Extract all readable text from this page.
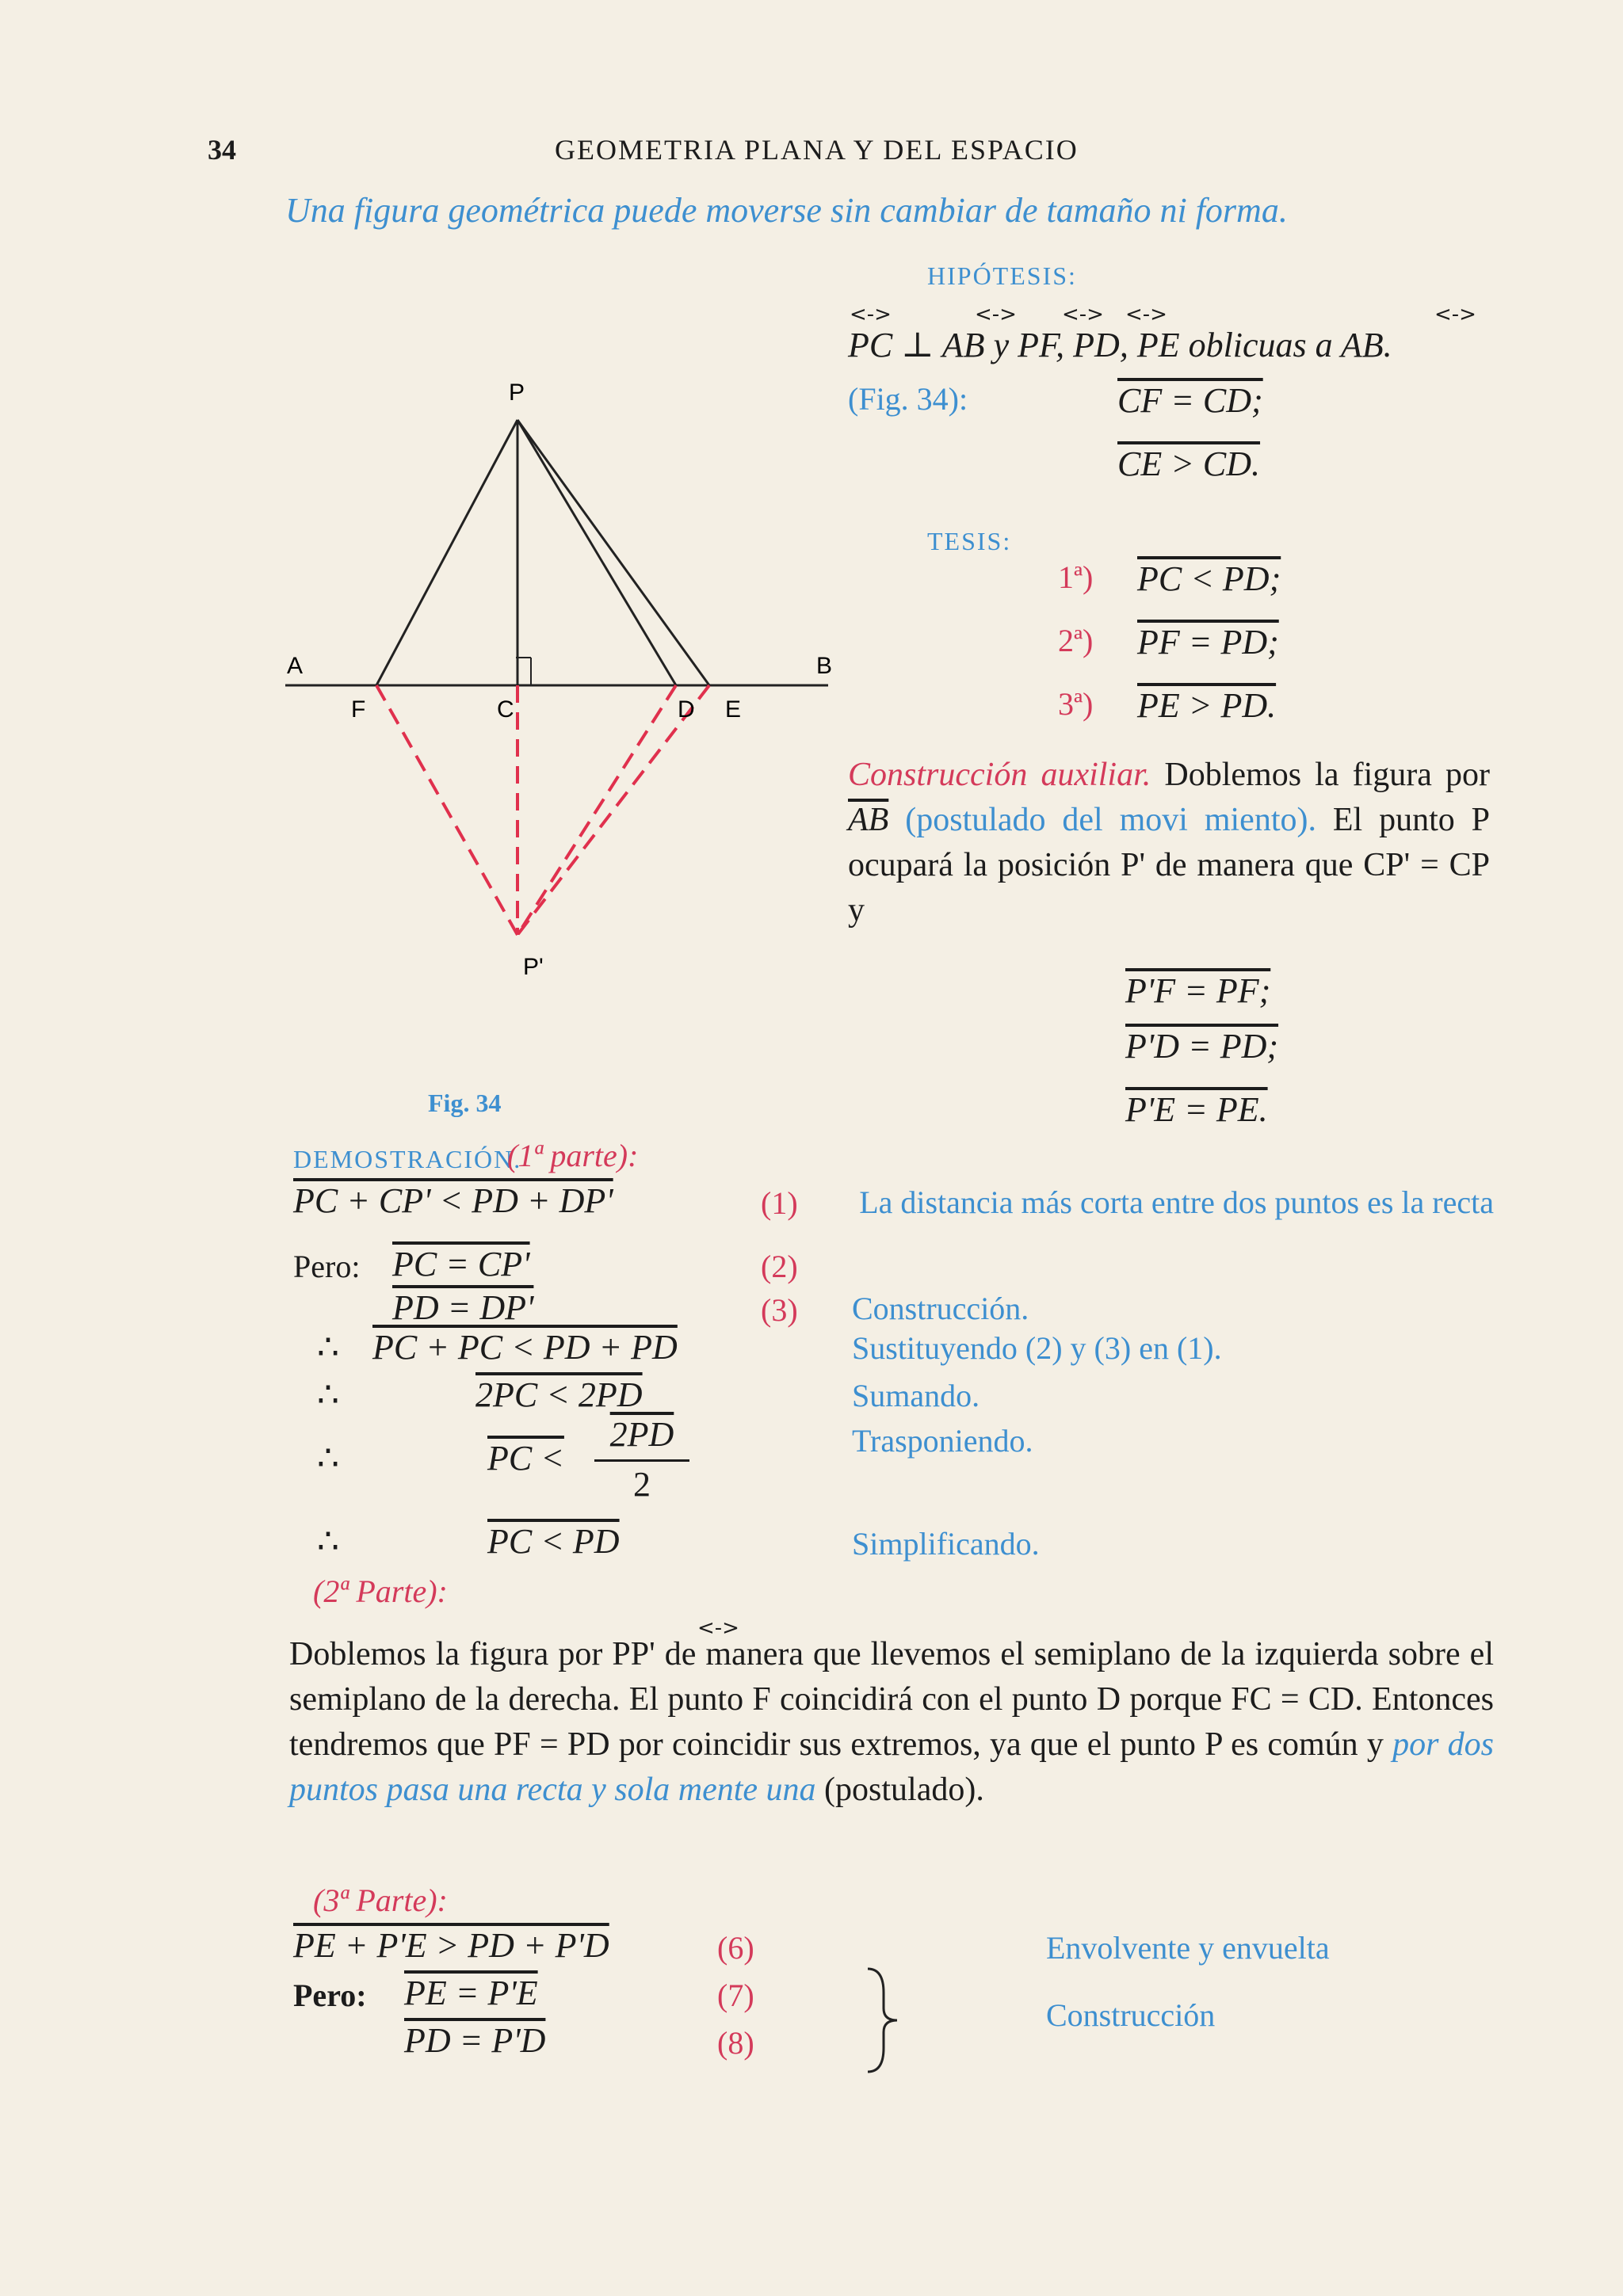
34	GEOMETRIA PLANA Y DEL ESPACIO
Una figura geométrica puede moverse sin cambiar de tamaño ni forma.
P
A	B
F	C	D E
P'
Fig. 34
HIPÓTESIS:
<->	<-> <-> <->	<->
PC ⊥ AB y PF, PD, PE oblicuas a AB.
(Fig. 34):	CF = CD;
CE > CD.
TESIS:
1ª) PC < PD;
2ª) PF = PD;
3ª) PE > PD.
Construcción auxiliar. Doblemos la figura por $\overline{AB}$ (postulado del movi miento). El punto P ocupará la posición P' de manera que CP' = CP y
P'F = PF;
P'D = PD;
P'E = PE.
DEMOSTRACIÓN.
(1ª parte):
PC + CP' < PD + DP'	(1) La distancia más corta entre dos puntos es la recta
Pero: PC = CP'	(2)
PD = DP'	(3) Construcción.
∴ PC + PC < PD + PD	Sustituyendo (2) y (3) en (1).
∴	2PC < 2PD	Sumando.
∴	PC <
2PD
2
Trasponiendo.
∴	PC < PD	Simplificando.
(2ª Parte):
<->
Doblemos la figura por PP' de manera que llevemos el semiplano de la izquierda sobre el semiplano de la derecha. El punto F coincidirá con el punto D porque FC = CD. Entonces tendremos que PF = PD por coincidir sus extremos, ya que el punto P es común y por dos puntos pasa una recta y sola mente una (postulado).
(3ª Parte):
PE + P'E > PD + P'D	(6)	Envolvente y envuelta
Pero: PE = P'E	(7)
Construcción
PD = P'D	(8)
